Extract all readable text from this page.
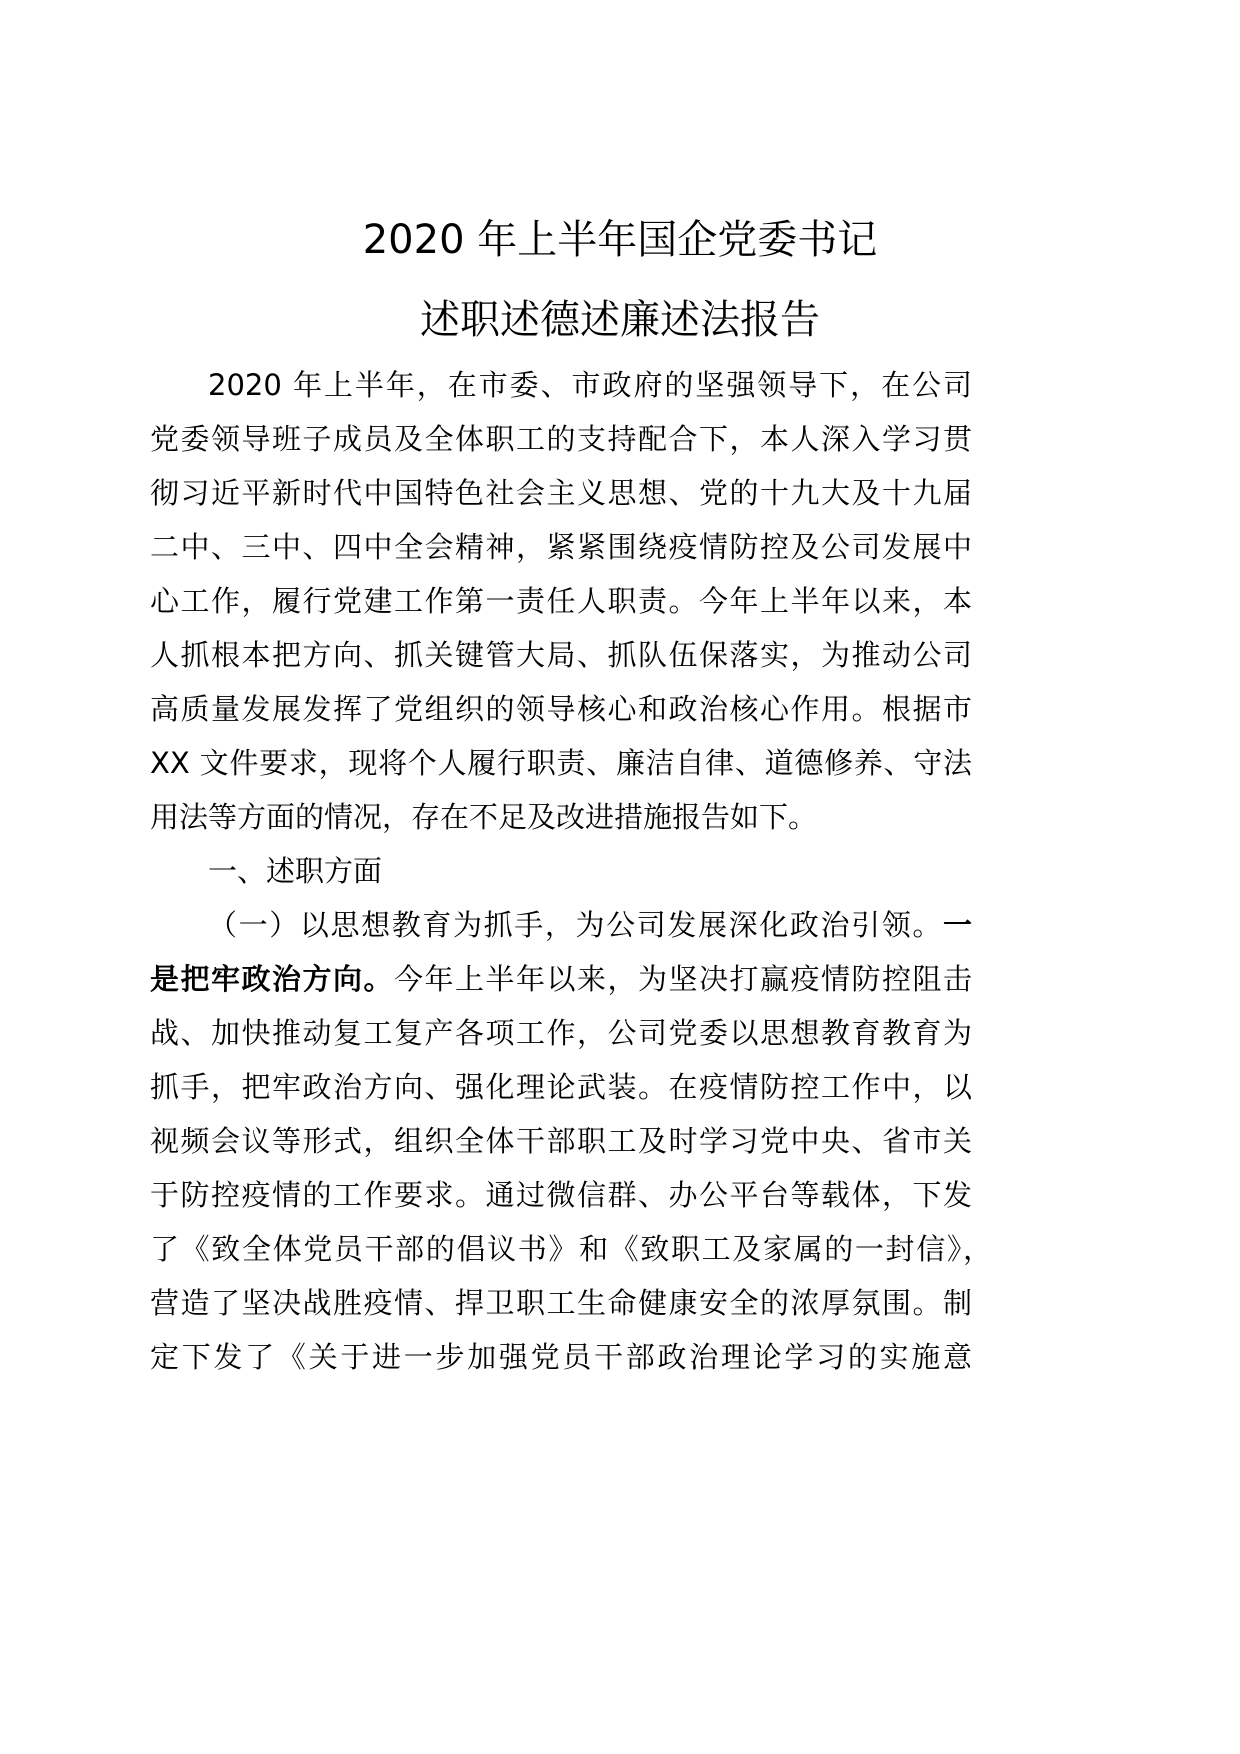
2020 年上半年国企党委书记
述职述德述廉述法报告
2020 年上半年，在市委、市政府的坚强领导下，在公司
党委领导班子成员及全体职工的支持配合下，本人深入学习贯
彻习近平新时代中国特色社会主义思想、党的十九大及十九届
二中、三中、四中全会精神，紧紧围绕疫情防控及公司发展中
心工作，履行党建工作第一责任人职责。今年上半年以来，本
人抓根本把方向、抓关键管大局、抓队伍保落实，为推动公司
高质量发展发挥了党组织的领导核心和政治核心作用。根据市
XX 文件要求，现将个人履行职责、廉洁自律、道德修养、守法
用法等方面的情况，存在不足及改进措施报告如下。
一、述职方面
（一）以思想教育为抓手，为公司发展深化政治引领。一
是把牢政治方向。今年上半年以来，为坚决打赢疫情防控阻击
战、加快推动复工复产各项工作，公司党委以思想教育教育为
抓手，把牢政治方向、强化理论武装。在疫情防控工作中，以
视频会议等形式，组织全体干部职工及时学习党中央、省市关
于防控疫情的工作要求。通过微信群、办公平台等载体，下发
了《致全体党员干部的倡议书》和《致职工及家属的一封信》，
营造了坚决战胜疫情、捍卫职工生命健康安全的浓厚氛围。制
定下发了《关于进一步加强党员干部政治理论学习的实施意
